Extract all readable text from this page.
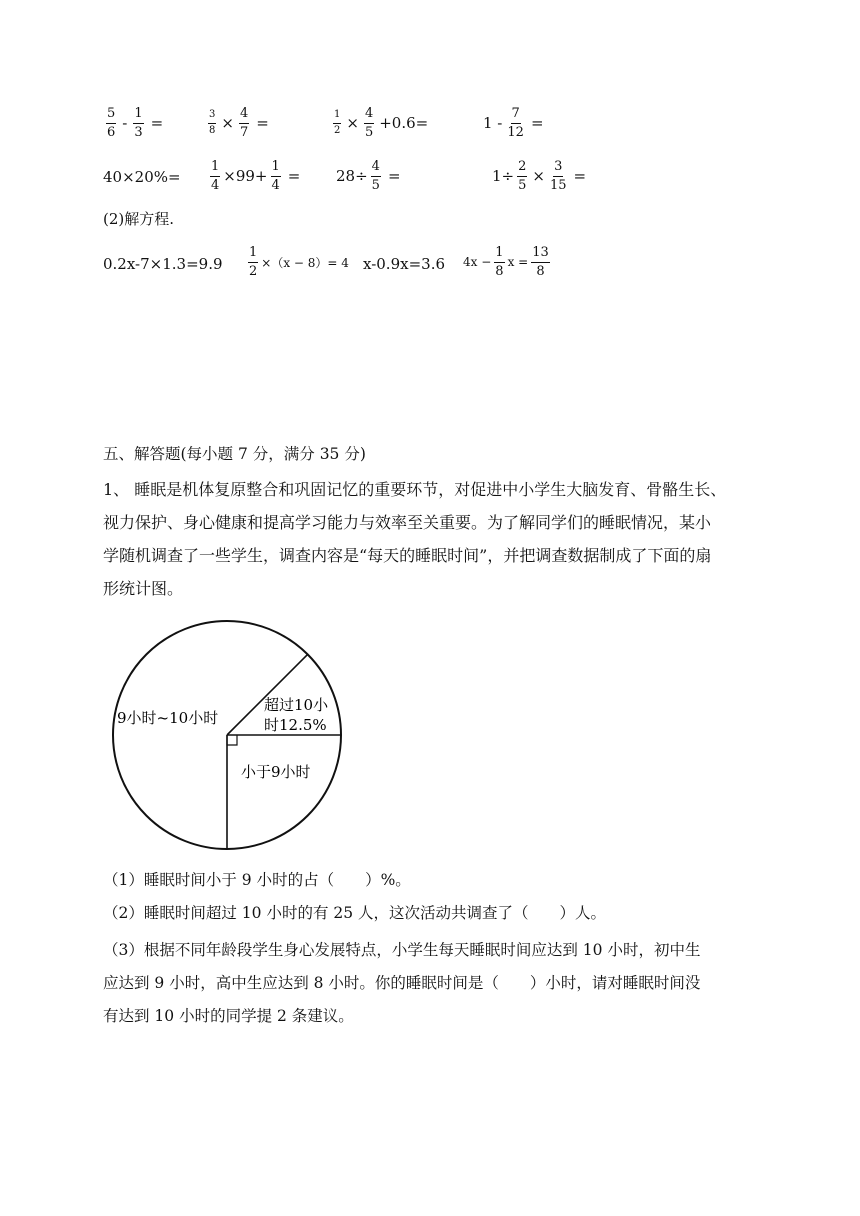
$\frac{5}{6} - \frac{1}{3}$ =	$\frac{3}{8} \times \frac{4}{7}$ =	$\frac{1}{2} \times \frac{4}{5} +0.6=$	$1 - \frac{7}{12}$ =
$40\times 20\%= \frac{1}{4} \times 99+ \frac{1}{4} = 28\div \frac{4}{5}$ =	$1\div \frac{2}{5} \times \frac{3}{15}$ =
(2)解方程.
$0.2x-7\times 1.3=9.9 \frac{1}{2} \times(x - 8)= 4$ x-0.9x=3.6 $4x - \frac{1}{8}$ $x = \frac{13}{8}$
五、解答题(每小题 7 分，满分 35 分)
1、 睡眠是机体复原整合和巩固记忆的重要环节，对促进中小学生大脑发育、骨骼生长、
视力保护、身心健康和提高学习能力与效率至关重要。为了解同学们的睡眠情况，某小
学随机调查了一些学生，调查内容是“每天的睡眠时间”，并把调查数据制成了下面的扇
形统计图。
9小时~10小时
超过10小
时12.5%
小于9小时
（1）睡眠时间小于 9 小时的占（　　）%。
（2）睡眠时间超过 10 小时的有 25 人，这次活动共调查了（　　）人。
（3）根据不同年龄段学生身心发展特点，小学生每天睡眠时间应达到 10 小时，初中生
应达到 9 小时，高中生应达到 8 小时。你的睡眠时间是（　　）小时，请对睡眠时间没
有达到 10 小时的同学提 2 条建议。
